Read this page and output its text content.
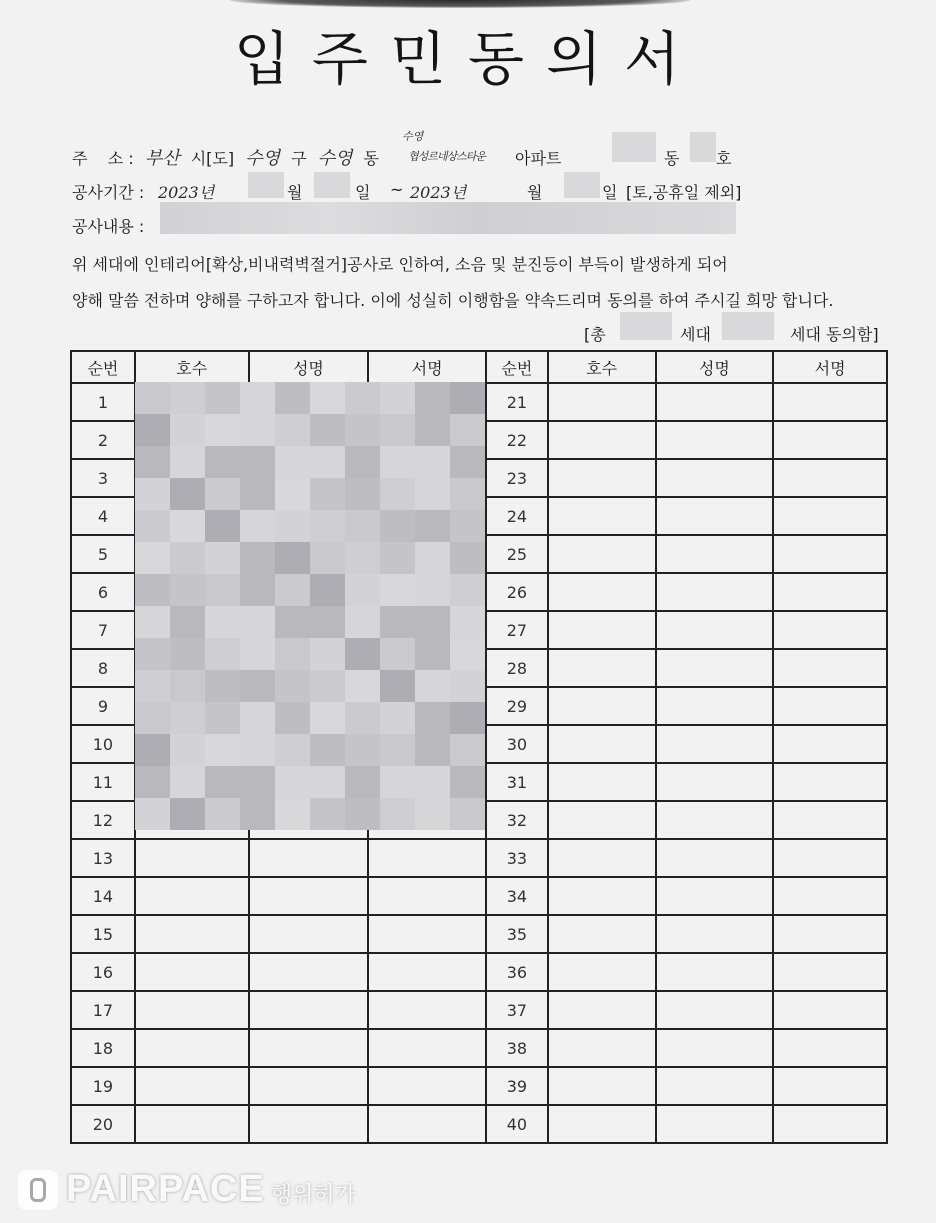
입주민동의서
주    소 : 부산 시[도] 수영 구 수영 동
수영
협성르네상스타운 아파트	동 호
공사기간 : 2023년	월	일 ~ 2023년	월	일 [토,공휴일 제외]
공사내용 :
위 세대에 인테리어[확상,비내력벽절거]공사로 인하여, 소음 및 분진등이 부득이 발생하게 되어
양해 말씀 전하며 양해를 구하고자 합니다. 이에 성실히 이행함을 약속드리며 동의를 하여 주시길 희망 합니다.
[총	세대	세대 동의함]
순번	호수	성명	서명	순번	호수	성명	서명
1				21			
2				22			
3				23			
4				24			
5				25			
6				26			
7				27			
8				28			
9				29			
10				30			
11				31			
12				32			
13				33			
14				34			
15				35			
16				36			
17				37			
18				38			
19				39			
20				40			
PAIRPACE 행위허가
